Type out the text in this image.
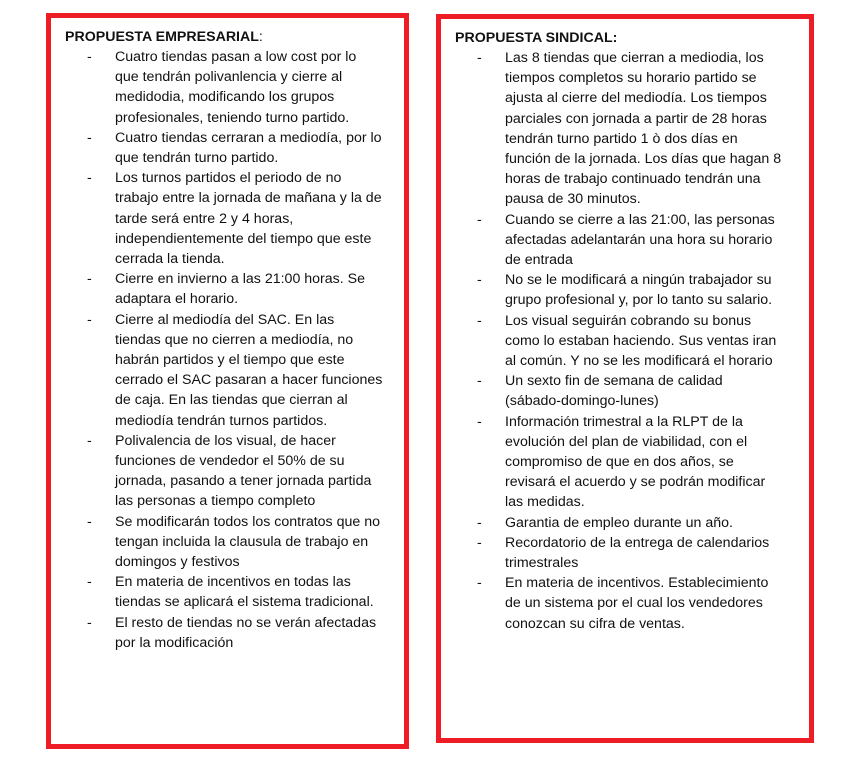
PROPUESTA EMPRESARIAL:

- Cuatro tiendas pasan a low cost por lo que tendrán polivanlencia y cierre al medidodia, modificando los grupos profesionales, teniendo turno partido.
- Cuatro tiendas cerraran a mediodía, por lo que tendrán turno partido.
- Los turnos partidos el periodo de no trabajo entre la jornada de mañana y la de tarde será entre 2 y 4 horas, independientemente del tiempo que este cerrada la tienda.
- Cierre en invierno a las 21:00 horas. Se adaptara el horario.
- Cierre al mediodía del SAC. En las tiendas que no cierren a mediodía, no habrán partidos y el tiempo que este cerrado el SAC pasaran a hacer funciones de caja. En las tiendas que cierran al mediodía tendrán turnos partidos.
- Polivalencia de los visual, de hacer funciones de vendedor el 50% de su jornada, pasando a tener jornada partida las personas a tiempo completo
- Se modificarán todos los contratos que no tengan incluida la clausula de trabajo en domingos y festivos
- En materia de incentivos en todas las tiendas se aplicará el sistema tradicional.
- El resto de tiendas no se verán afectadas por la modificación

PROPUESTA SINDICAL:

- Las 8 tiendas que cierran a mediodia, los tiempos completos su horario partido se ajusta al cierre del mediodía. Los tiempos parciales con jornada a partir de 28 horas tendrán turno partido 1 ò dos días en función de la jornada. Los días que hagan 8 horas de trabajo continuado tendrán una pausa de 30 minutos.
- Cuando se cierre a las 21:00, las personas afectadas adelantarán una hora su horario de entrada
- No se le modificará a ningún trabajador su grupo profesional y, por lo tanto su salario.
- Los visual seguirán cobrando su bonus como lo estaban haciendo. Sus ventas iran al común. Y no se les modificará el horario
- Un sexto fin de semana de calidad (sábado-domingo-lunes)
- Información trimestral a la RLPT de la evolución del plan de viabilidad, con el compromiso de que en dos años, se revisará el acuerdo y se podrán modificar las medidas.
- Garantia de empleo durante un año.
- Recordatorio de la entrega de calendarios trimestrales
- En materia de incentivos. Establecimiento de un sistema por el cual los vendedores conozcan su cifra de ventas.
